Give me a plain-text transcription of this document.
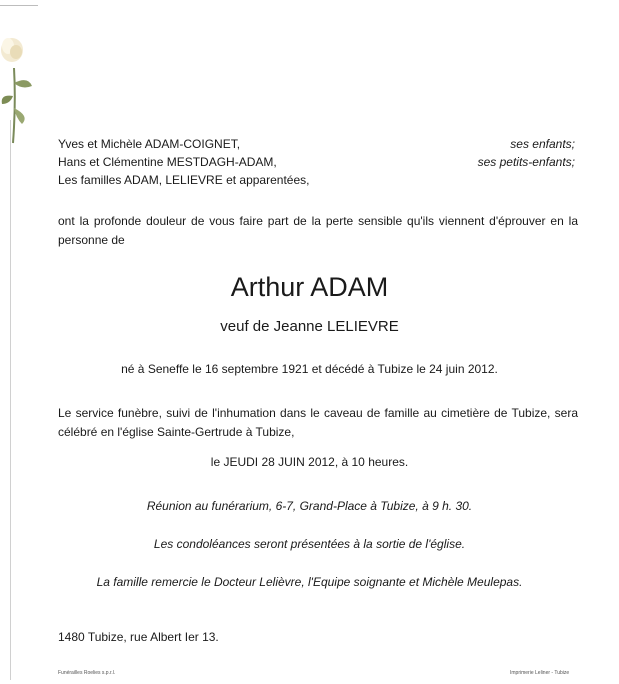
Yves et Michèle ADAM-COIGNET,	ses enfants;
Hans et Clémentine MESTDAGH-ADAM,	ses petits-enfants;
Les familles ADAM, LELIEVRE et apparentées,
ont la profonde douleur de vous faire part de la perte sensible qu'ils viennent d'éprouver en la personne de
Arthur ADAM
veuf de Jeanne LELIEVRE
né à Seneffe le 16 septembre 1921 et décédé à Tubize le 24 juin 2012.
Le service funèbre, suivi de l'inhumation dans le caveau de famille au cimetière de Tubize, sera célébré en l'église Sainte-Gertrude à Tubize,
le JEUDI 28 JUIN 2012, à 10 heures.
Réunion au funérarium, 6-7, Grand-Place à Tubize, à 9 h. 30.
Les condoléances seront présentées à la sortie de l'église.
La famille remercie le Docteur Lelièvre, l'Equipe soignante et Michèle Meulepas.
1480 Tubize, rue Albert Ier 13.
Funérailles Roelies s.p.r.l.	Imprimerie Leliner - Tubize
